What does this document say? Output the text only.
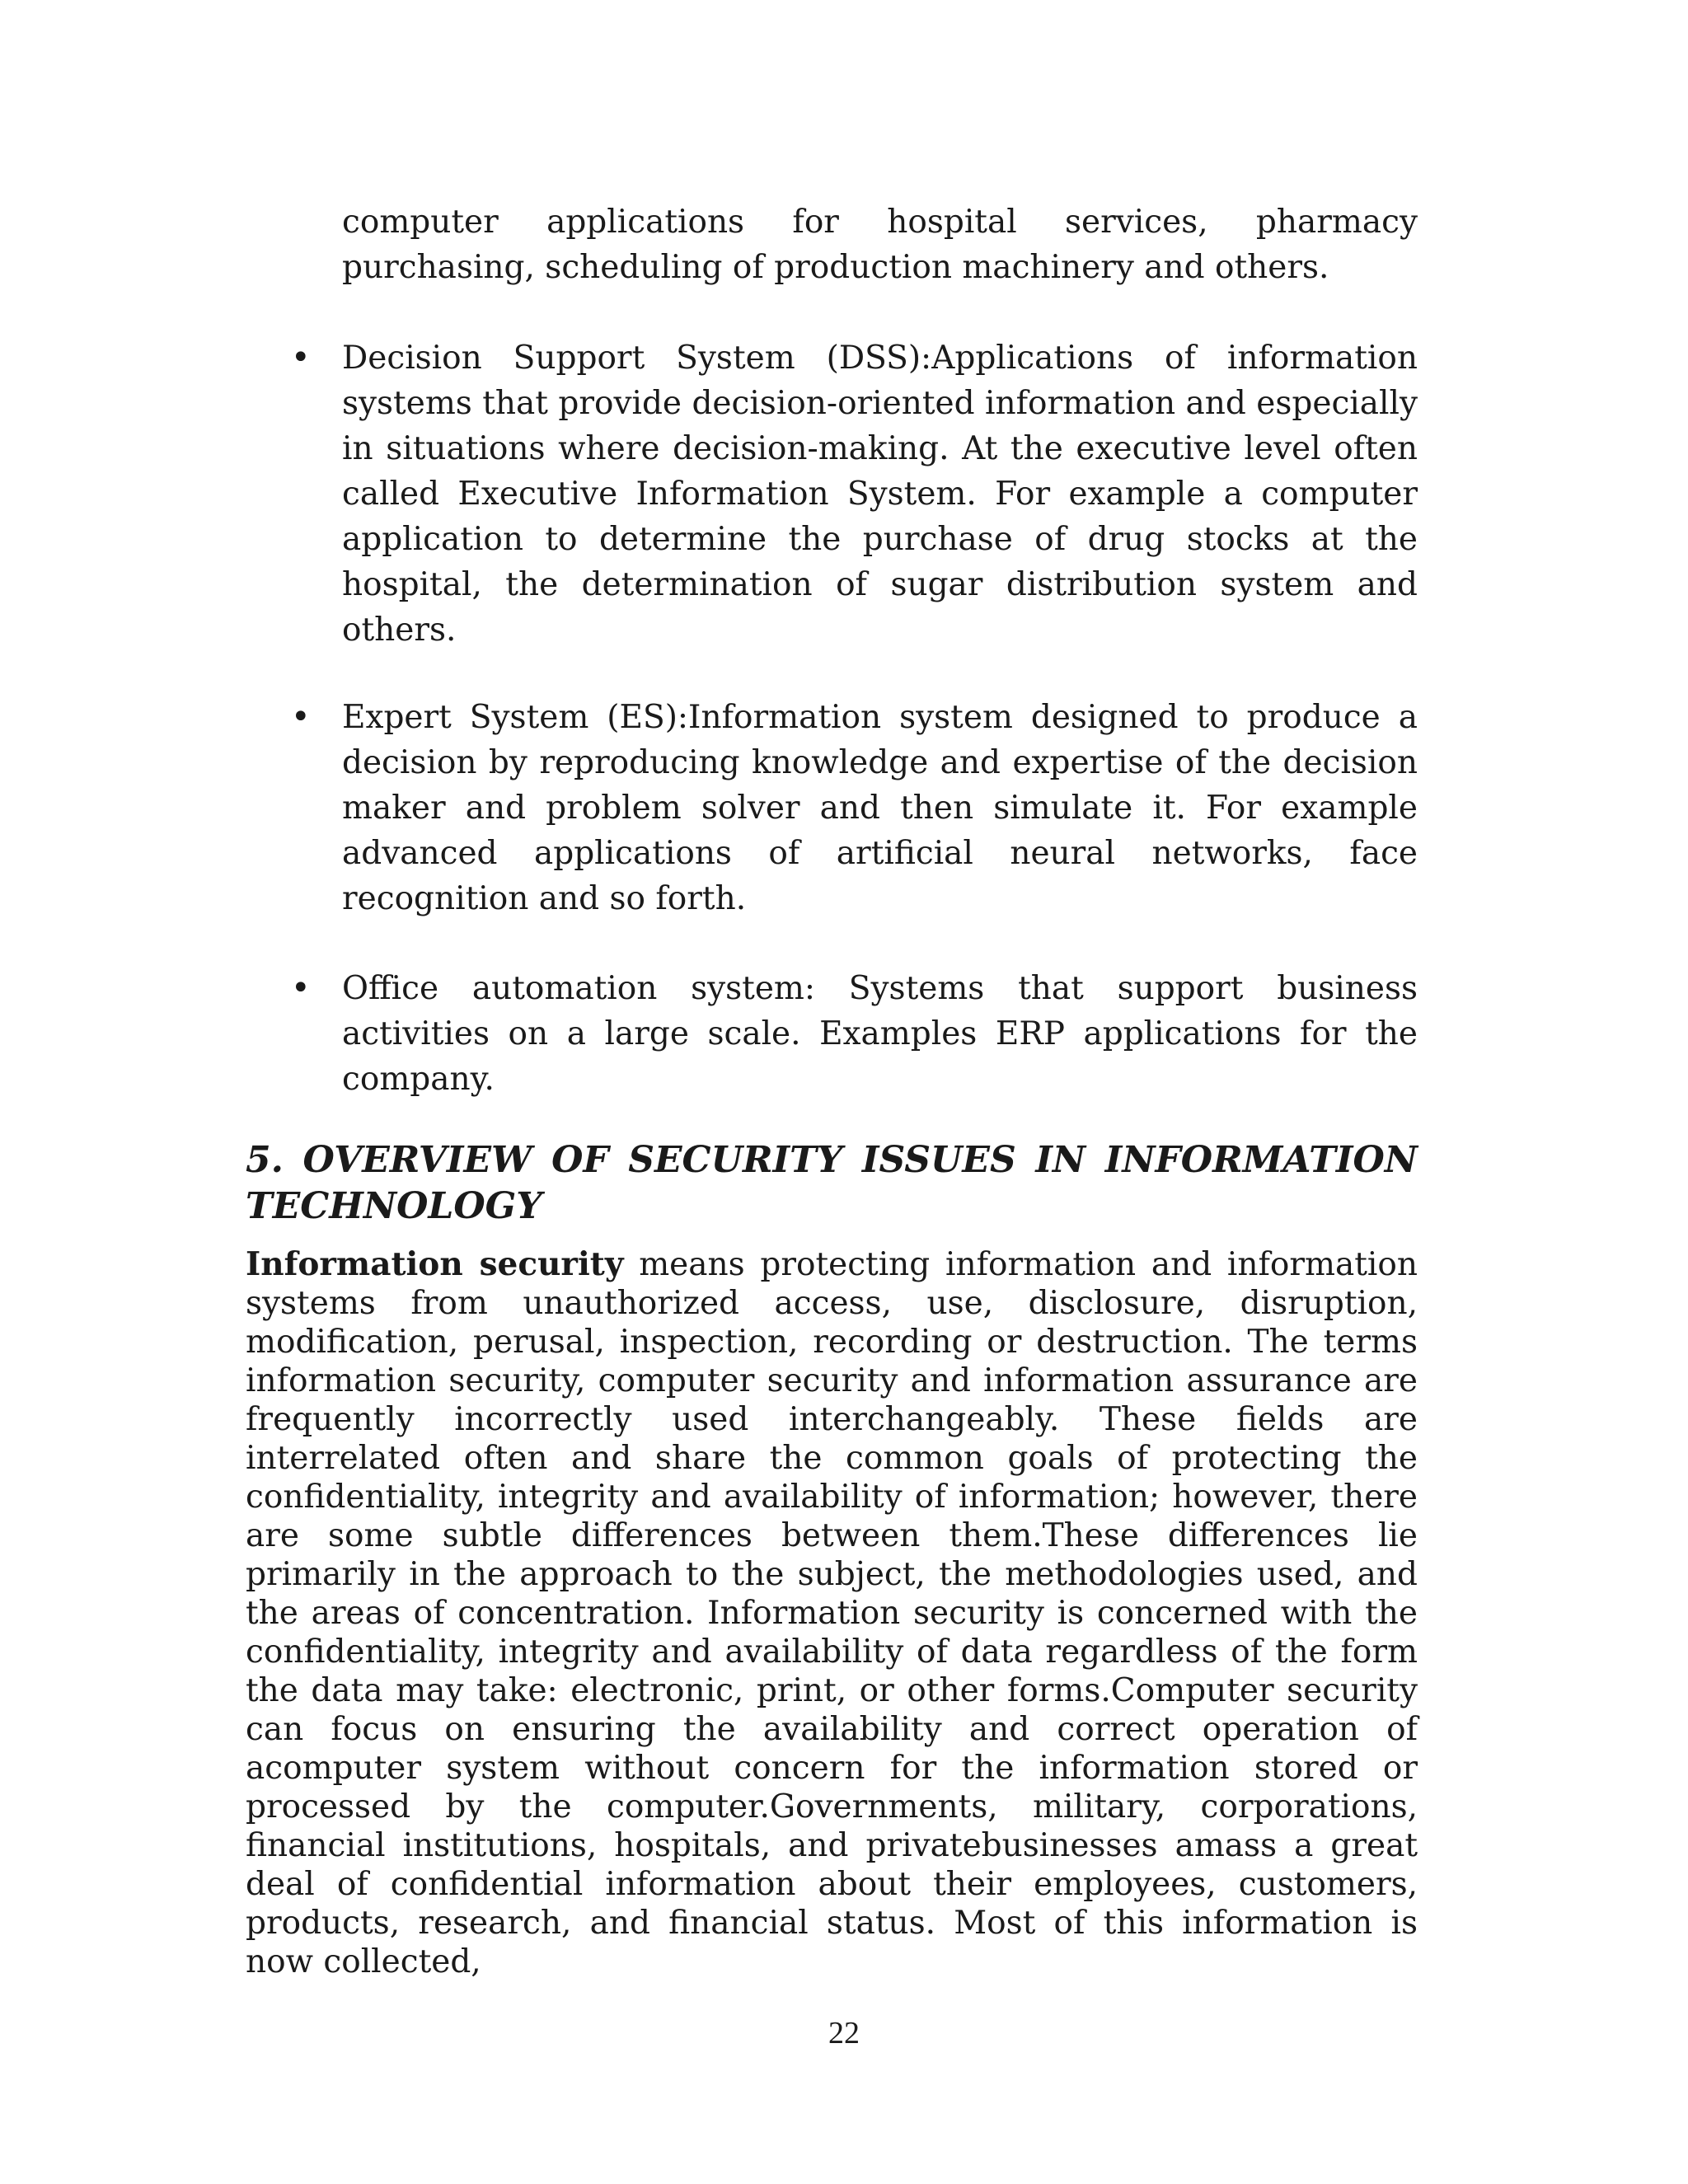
computer applications for hospital services, pharmacy purchasing, scheduling of production machinery and others.

• Decision Support System (DSS):Applications of information systems that provide decision-oriented information and especially in situations where decision-making. At the executive level often called Executive Information System. For example a computer application to determine the purchase of drug stocks at the hospital, the determination of sugar distribution system and others.
• Expert System (ES):Information system designed to produce a decision by reproducing knowledge and expertise of the decision maker and problem solver and then simulate it. For example advanced applications of artificial neural networks, face recognition and so forth.
• Office automation system: Systems that support business activities on a large scale. Examples ERP applications for the company.
5. OVERVIEW OF SECURITY ISSUES IN INFORMATION TECHNOLOGY

Information security means protecting information and information systems from unauthorized access, use, disclosure, disruption, modification, perusal, inspection, recording or destruction. The terms information security, computer security and information assurance are frequently incorrectly used interchangeably. These fields are interrelated often and share the common goals of protecting the confidentiality, integrity and availability of information; however, there are some subtle differences between them.These differences lie primarily in the approach to the subject, the methodologies used, and the areas of concentration. Information security is concerned with the confidentiality, integrity and availability of data regardless of the form the data may take: electronic, print, or other forms.Computer security can focus on ensuring the availability and correct operation of acomputer system without concern for the information stored or processed by the computer.Governments, military, corporations, financial institutions, hospitals, and privatebusinesses amass a great deal of confidential information about their employees, customers, products, research, and financial status. Most of this information is now collected,

22
